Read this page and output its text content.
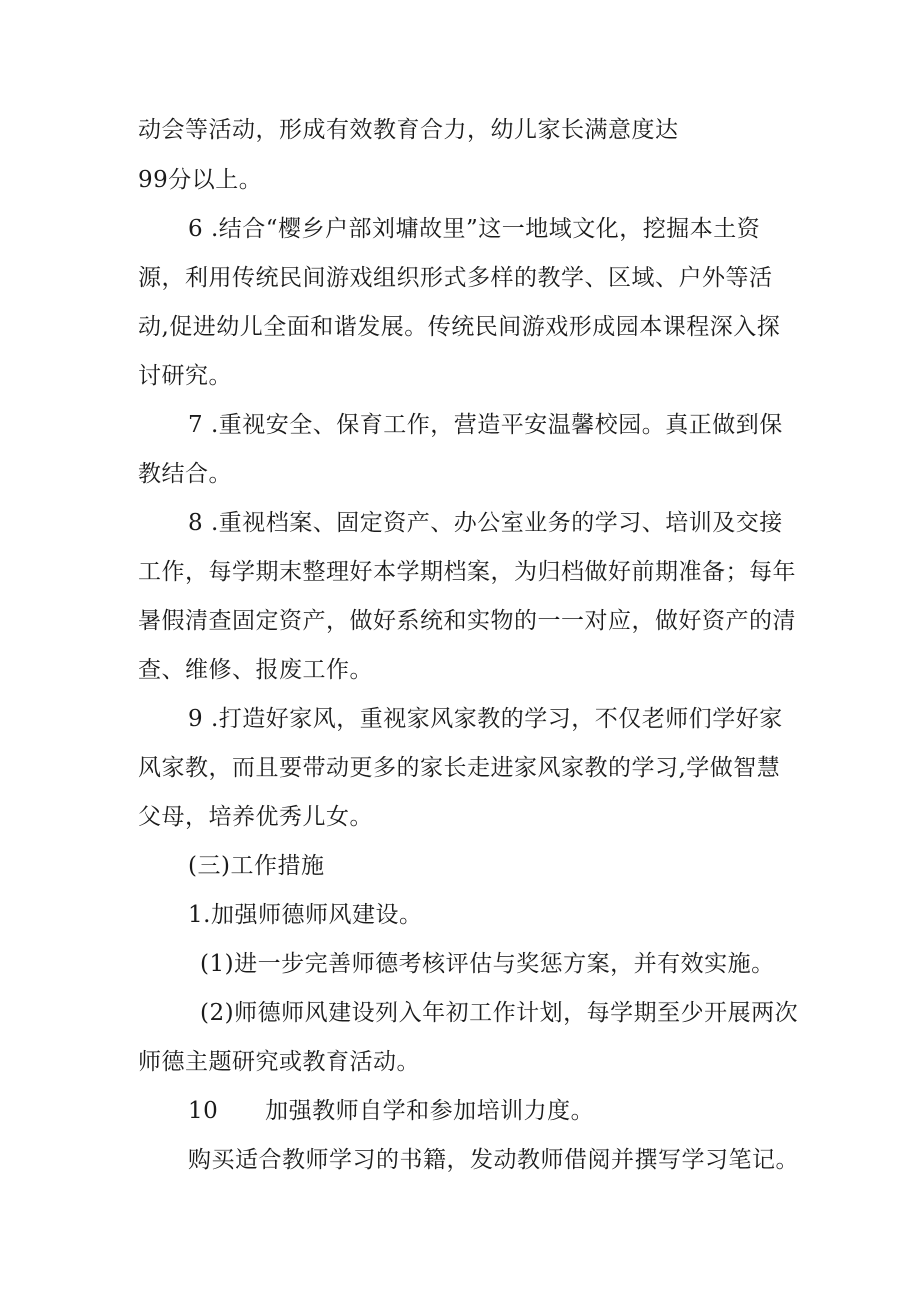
动会等活动，形成有效教育合力，幼儿家长满意度达
99分以上。
6 .结合“樱乡户部刘墉故里”这一地域文化，挖掘本土资
源，利用传统民间游戏组织形式多样的教学、区域、户外等活
动,促进幼儿全面和谐发展。传统民间游戏形成园本课程深入探
讨研究。
7 .重视安全、保育工作，营造平安温馨校园。真正做到保
教结合。
8 .重视档案、固定资产、办公室业务的学习、培训及交接
工作，每学期末整理好本学期档案，为归档做好前期准备；每年
暑假清查固定资产，做好系统和实物的一一对应，做好资产的清
查、维修、报废工作。
9 .打造好家风，重视家风家教的学习，不仅老师们学好家
风家教，而且要带动更多的家长走进家风家教的学习,学做智慧
父母，培养优秀儿女。
(三)工作措施
1.加强师德师风建设。
(1)进一步完善师德考核评估与奖惩方案，并有效实施。
(2)师德师风建设列入年初工作计划，每学期至少开展两次
师德主题研究或教育活动。
10      加强教师自学和参加培训力度。
购买适合教师学习的书籍，发动教师借阅并撰写学习笔记。
